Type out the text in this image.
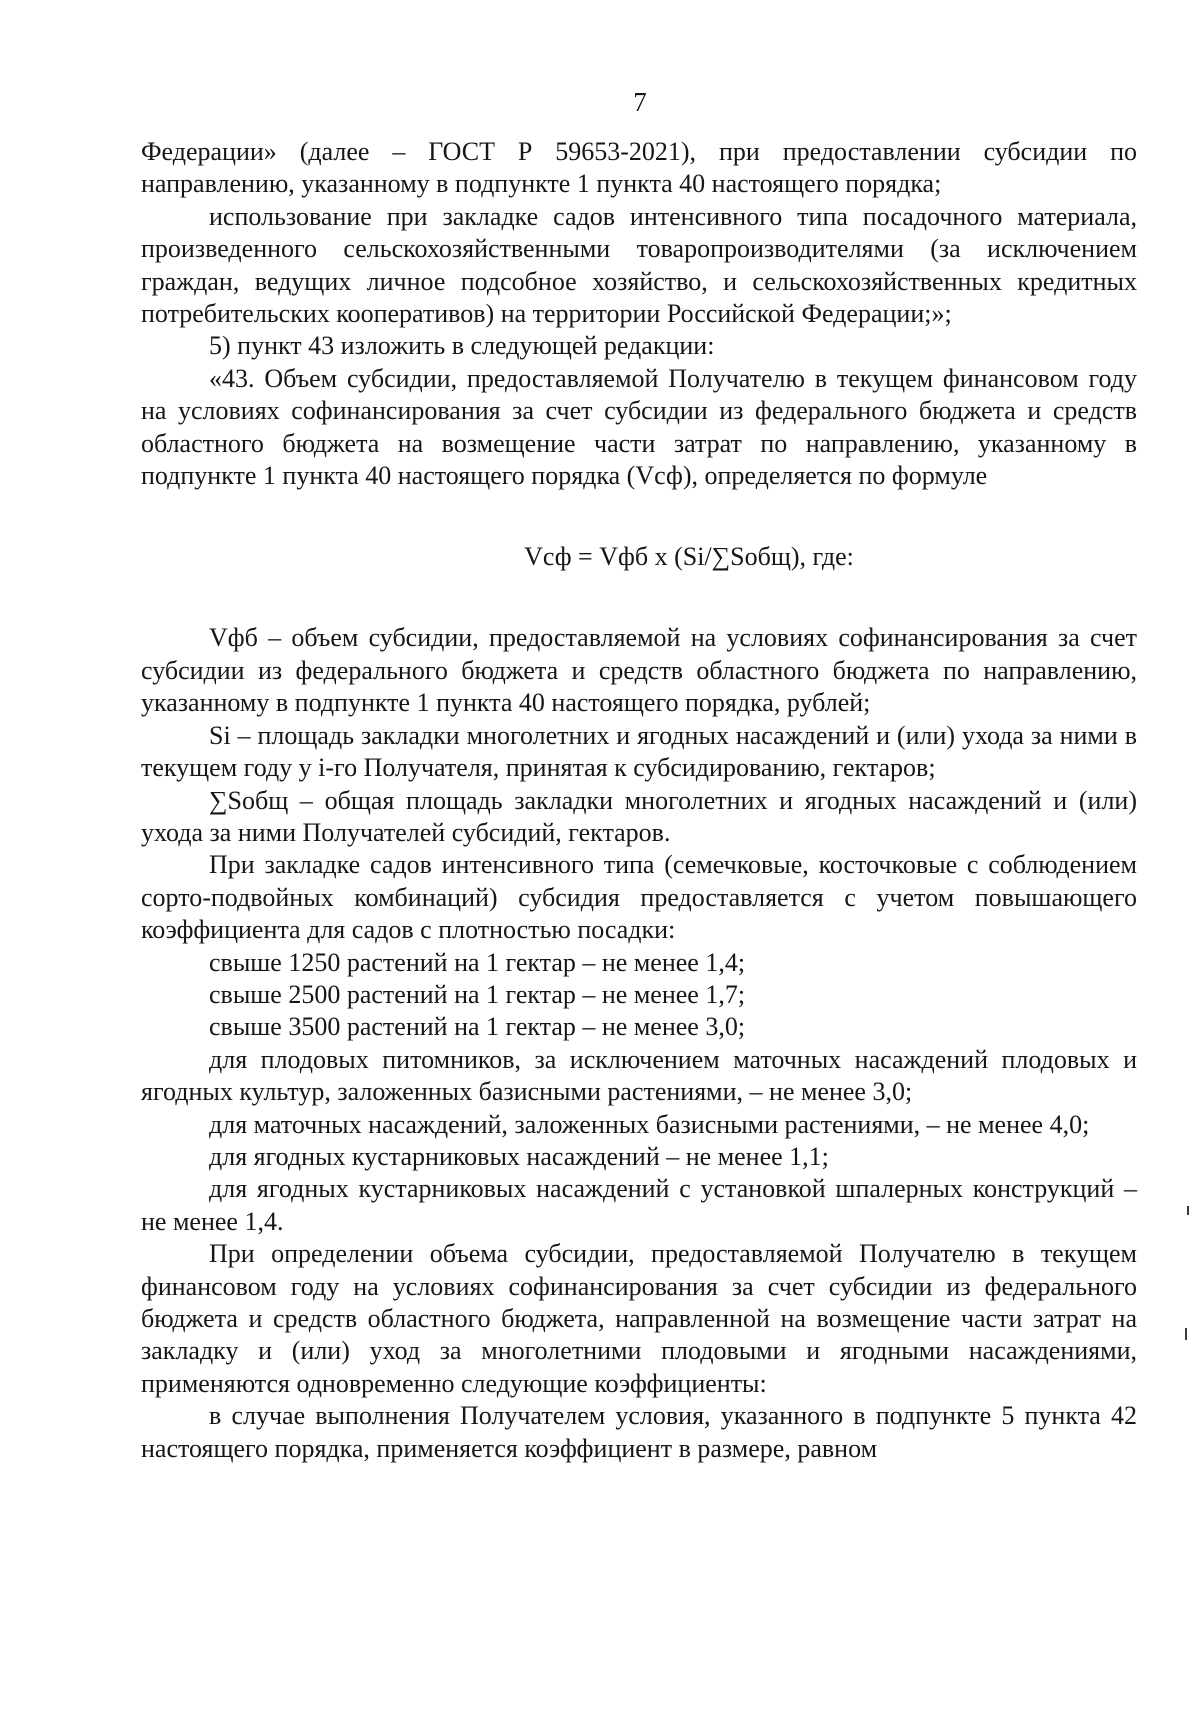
7

Федерации» (далее – ГОСТ Р 59653-2021), при предоставлении субсидии по направлению, указанному в подпункте 1 пункта 40 настоящего порядка;

использование при закладке садов интенсивного типа посадочного материала, произведенного сельскохозяйственными товаропроизводителями (за исключением граждан, ведущих личное подсобное хозяйство, и сельскохозяйственных кредитных потребительских кооперативов) на территории Российской Федерации;»;

5) пункт 43 изложить в следующей редакции:

«43. Объем субсидии, предоставляемой Получателю в текущем финансовом году на условиях софинансирования за счет субсидии из федерального бюджета и средств областного бюджета на возмещение части затрат по направлению, указанному в подпункте 1 пункта 40 настоящего порядка (Vсф), определяется по формуле

Vсф = Vфб х (Si/∑Sобщ), где:

Vфб – объем субсидии, предоставляемой на условиях софинансирования за счет субсидии из федерального бюджета и средств областного бюджета по направлению, указанному в подпункте 1 пункта 40 настоящего порядка, рублей;

Si – площадь закладки многолетних и ягодных насаждений и (или) ухода за ними в текущем году у i-го Получателя, принятая к субсидированию, гектаров;

∑Sобщ – общая площадь закладки многолетних и ягодных насаждений и (или) ухода за ними Получателей субсидий, гектаров.

При закладке садов интенсивного типа (семечковые, косточковые с соблюдением сорто-подвойных комбинаций) субсидия предоставляется с учетом повышающего коэффициента для садов с плотностью посадки:

свыше 1250 растений на 1 гектар – не менее 1,4;

свыше 2500 растений на 1 гектар – не менее 1,7;

свыше 3500 растений на 1 гектар – не менее 3,0;

для плодовых питомников, за исключением маточных насаждений плодовых и ягодных культур, заложенных базисными растениями, – не менее 3,0;

для маточных насаждений, заложенных базисными растениями, – не менее 4,0;

для ягодных кустарниковых насаждений – не менее 1,1;

для ягодных кустарниковых насаждений с установкой шпалерных конструкций – не менее 1,4.

При определении объема субсидии, предоставляемой Получателю в текущем финансовом году на условиях софинансирования за счет субсидии из федерального бюджета и средств областного бюджета, направленной на возмещение части затрат на закладку и (или) уход за многолетними плодовыми и ягодными насаждениями, применяются одновременно следующие коэффициенты:

в случае выполнения Получателем условия, указанного в подпункте 5 пункта 42 настоящего порядка, применяется коэффициент в размере, равном
